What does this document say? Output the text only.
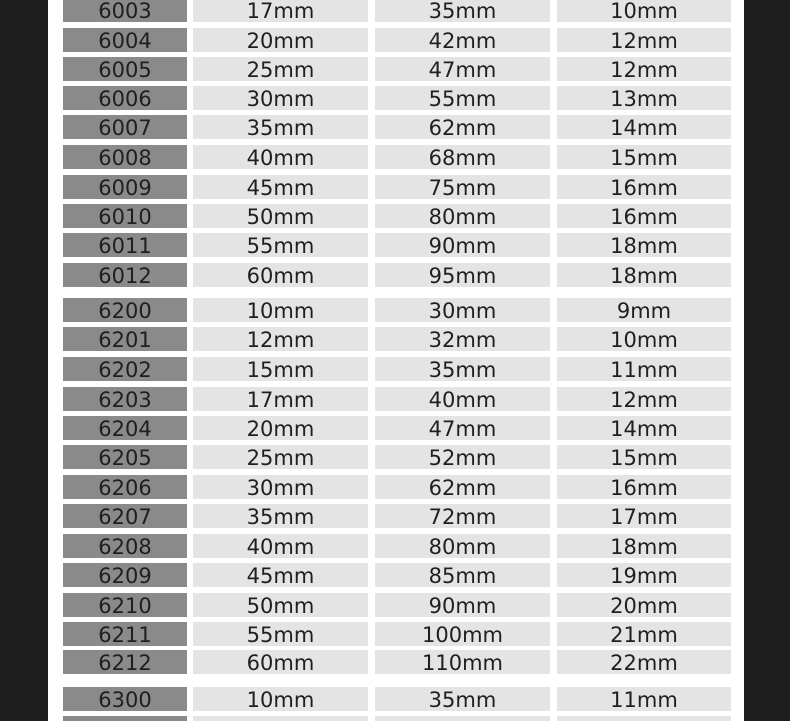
6003	17mm	35mm	10mm
6004	20mm	42mm	12mm
6005	25mm	47mm	12mm
6006	30mm	55mm	13mm
6007	35mm	62mm	14mm
6008	40mm	68mm	15mm
6009	45mm	75mm	16mm
6010	50mm	80mm	16mm
6011	55mm	90mm	18mm
6012	60mm	95mm	18mm
6200	10mm	30mm	9mm
6201	12mm	32mm	10mm
6202	15mm	35mm	11mm
6203	17mm	40mm	12mm
6204	20mm	47mm	14mm
6205	25mm	52mm	15mm
6206	30mm	62mm	16mm
6207	35mm	72mm	17mm
6208	40mm	80mm	18mm
6209	45mm	85mm	19mm
6210	50mm	90mm	20mm
6211	55mm	100mm	21mm
6212	60mm	110mm	22mm
6300	10mm	35mm	11mm
